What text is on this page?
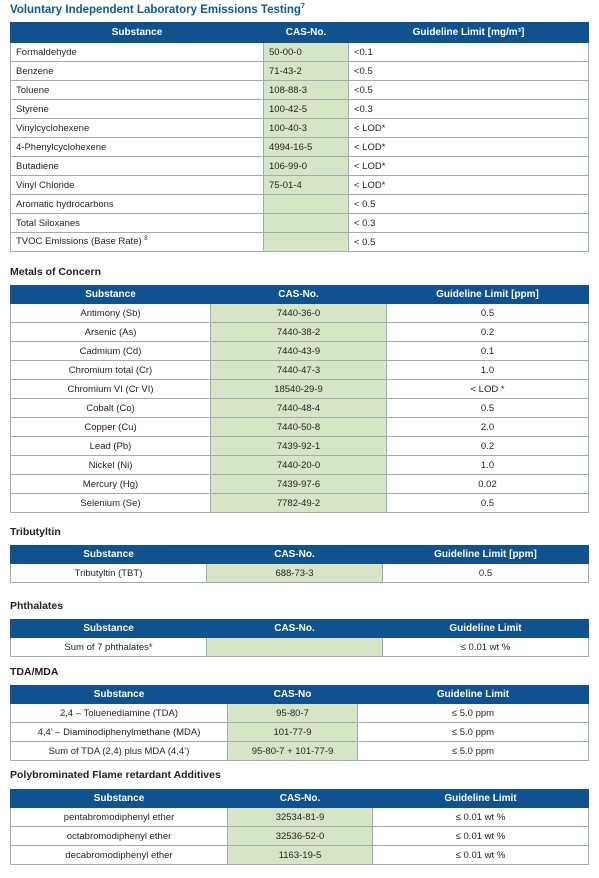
Voluntary Independent Laboratory Emissions Testing$^7$
Substance	CAS-No.	Guideline Limit [mg/m³]
Formaldehyde	50-00-0	<0.1
Benzene	71-43-2	<0.5
Toluene	108-88-3	<0.5
Styrene	100-42-5	<0.3
Vinylcyclohexene	100-40-3	< LOD*
4-Phenylcyclohexene	4994-16-5	< LOD*
Butadiene	106-99-0	< LOD*
Vinyl Chloride	75-01-4	< LOD*
Aromatic hydrocarbons		< 0.5
Total Siloxanes		< 0.3
TVOC Emissions (Base Rate) $^8$		< 0.5
Metals of Concern
Substance	CAS-No.	Guideline Limit [ppm]
Antimony (Sb)	7440-36-0	0.5
Arsenic (As)	7440-38-2	0.2
Cadmium (Cd)	7440-43-9	0.1
Chromium total (Cr)	7440-47-3	1.0
Chromium VI (Cr VI)	18540-29-9	< LOD *
Cobalt (Co)	7440-48-4	0.5
Copper (Cu)	7440-50-8	2.0
Lead (Pb)	7439-92-1	0.2
Nickel (Ni)	7440-20-0	1.0
Mercury (Hg)	7439-97-6	0.02
Selenium (Se)	7782-49-2	0.5
Tributyltin
Substance	CAS-No.	Guideline Limit [ppm]
Tributyltin (TBT)	688-73-3	0.5
Phthalates
Substance	CAS-No.	Guideline Limit
Sum of 7 phthalates*		≤ 0.01 wt %
TDA/MDA
Substance	CAS-No	Guideline Limit
2,4 – Toluenediamine (TDA)	95-80-7	≤ 5.0 ppm
4,4’ – Diaminodiphenylmethane (MDA)	101-77-9	≤ 5.0 ppm
Sum of TDA (2,4) plus MDA (4,4’)	95-80-7 + 101-77-9	≤ 5.0 ppm
Polybrominated Flame retardant Additives
Substance	CAS-No.	Guideline Limit
pentabromodiphenyl ether	32534-81-9	≤ 0.01 wt %
octabromodiphenyl ether	32536-52-0	≤ 0.01 wt %
decabromodiphenyl ether	1163-19-5	≤ 0.01 wt %
